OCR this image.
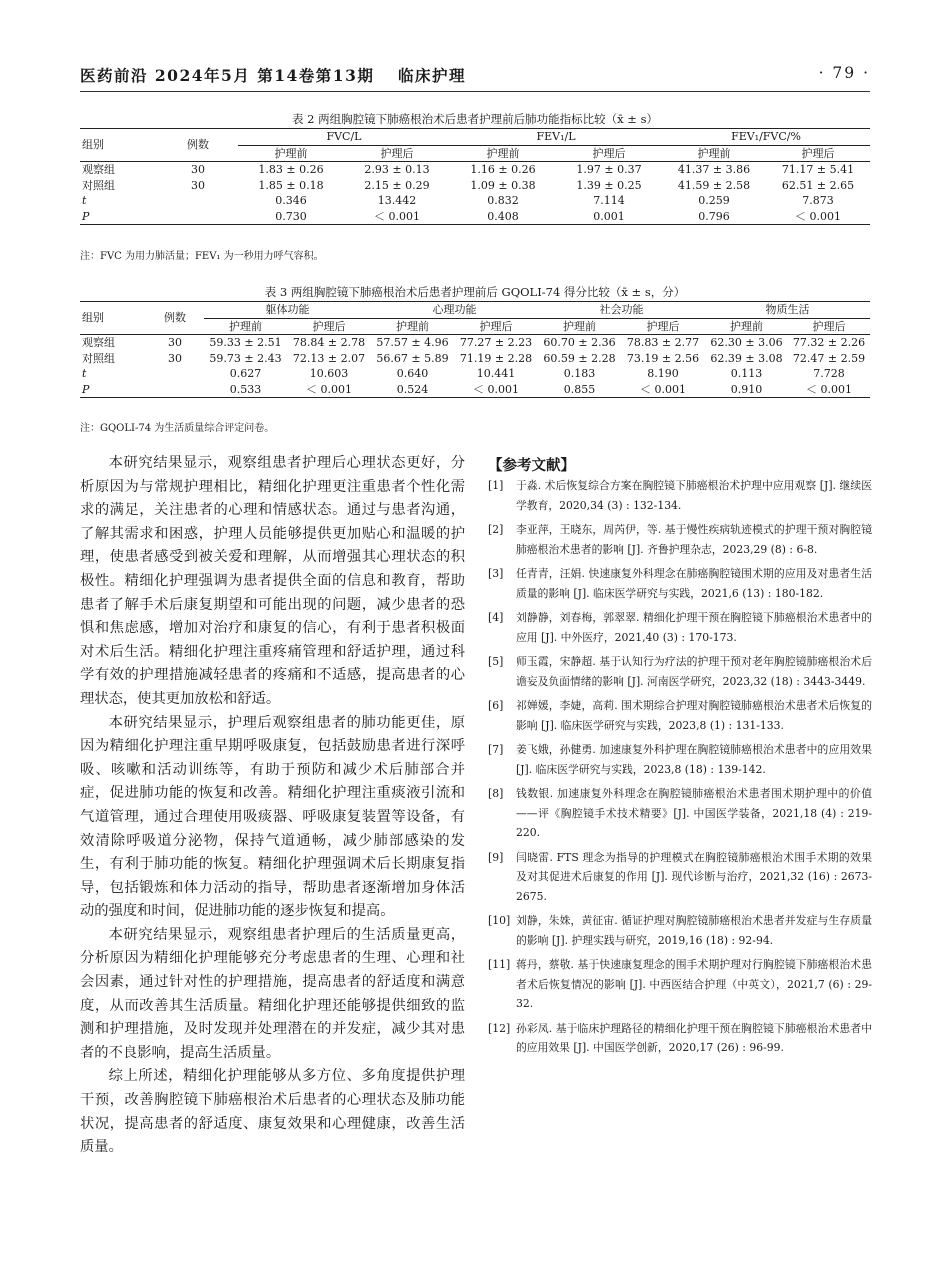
医药前沿 2024年5月 第14卷第13期 临床护理	· 79 ·
表 2 两组胸腔镜下肺癌根治术后患者护理前后肺功能指标比较（x̄ ± s）
组别	例数	FVC/L		FEV₁/L		FEV₁/FVC/%	
		护理前	护理后	护理前	护理后	护理前	护理后
观察组	30	1.83 ± 0.26	2.93 ± 0.13	1.16 ± 0.26	1.97 ± 0.37	41.37 ± 3.86	71.17 ± 5.41
对照组	30	1.85 ± 0.18	2.15 ± 0.29	1.09 ± 0.38	1.39 ± 0.25	41.59 ± 2.58	62.51 ± 2.65
t		0.346	13.442	0.832	7.114	0.259	7.873
P		0.730	＜ 0.001	0.408	0.001	0.796	＜ 0.001
注：FVC 为用力肺活量；FEV₁ 为一秒用力呼气容积。
表 3 两组胸腔镜下肺癌根治术后患者护理前后 GQOLI-74 得分比较（x̄ ± s，分）
组别	例数	躯体功能		心理功能		社会功能		物质生活	
		护理前	护理后	护理前	护理后	护理前	护理后	护理前	护理后
观察组	30	59.33 ± 2.51	78.84 ± 2.78	57.57 ± 4.96	77.27 ± 2.23	60.70 ± 2.36	78.83 ± 2.77	62.30 ± 3.06	77.32 ± 2.26
对照组	30	59.73 ± 2.43	72.13 ± 2.07	56.67 ± 5.89	71.19 ± 2.28	60.59 ± 2.28	73.19 ± 2.56	62.39 ± 3.08	72.47 ± 2.59
t		0.627	10.603	0.640	10.441	0.183	8.190	0.113	7.728
P		0.533	＜ 0.001	0.524	＜ 0.001	0.855	＜ 0.001	0.910	＜ 0.001
注：GQOLI-74 为生活质量综合评定问卷。

本研究结果显示，观察组患者护理后心理状态更好，分析原因为与常规护理相比，精细化护理更注重患者个性化需求的满足，关注患者的心理和情感状态。通过与患者沟通，了解其需求和困惑，护理人员能够提供更加贴心和温暖的护理，使患者感受到被关爱和理解，从而增强其心理状态的积极性。精细化护理强调为患者提供全面的信息和教育，帮助患者了解手术后康复期望和可能出现的问题，减少患者的恐惧和焦虑感，增加对治疗和康复的信心，有利于患者积极面对术后生活。精细化护理注重疼痛管理和舒适护理，通过科学有效的护理措施减轻患者的疼痛和不适感，提高患者的心理状态，使其更加放松和舒适。

本研究结果显示，护理后观察组患者的肺功能更佳，原因为精细化护理注重早期呼吸康复，包括鼓励患者进行深呼吸、咳嗽和活动训练等，有助于预防和减少术后肺部合并症，促进肺功能的恢复和改善。精细化护理注重痰液引流和气道管理，通过合理使用吸痰器、呼吸康复装置等设备，有效清除呼吸道分泌物，保持气道通畅，减少肺部感染的发生，有利于肺功能的恢复。精细化护理强调术后长期康复指导，包括锻炼和体力活动的指导，帮助患者逐渐增加身体活动的强度和时间，促进肺功能的逐步恢复和提高。

本研究结果显示，观察组患者护理后的生活质量更高，分析原因为精细化护理能够充分考虑患者的生理、心理和社会因素，通过针对性的护理措施，提高患者的舒适度和满意度，从而改善其生活质量。精细化护理还能够提供细致的监测和护理措施，及时发现并处理潜在的并发症，减少其对患者的不良影响，提高生活质量。

综上所述，精细化护理能够从多方位、多角度提供护理干预，改善胸腔镜下肺癌根治术后患者的心理状态及肺功能状况，提高患者的舒适度、康复效果和心理健康，改善生活质量。

【参考文献】
[1]	于淼. 术后恢复综合方案在胸腔镜下肺癌根治术护理中应用观察 [J]. 继续医学教育，2020,34 (3) : 132-134.
[2]	李亚萍，王晓东，周芮伊，等. 基于慢性疾病轨迹模式的护理干预对胸腔镜肺癌根治术患者的影响 [J]. 齐鲁护理杂志，2023,29 (8) : 6-8.
[3]	任青青，汪娟. 快速康复外科理念在肺癌胸腔镜围术期的应用及对患者生活质量的影响 [J]. 临床医学研究与实践，2021,6 (13) : 180-182.
[4]	刘静静，刘春梅，郭翠翠. 精细化护理干预在胸腔镜下肺癌根治术患者中的应用 [J]. 中外医疗，2021,40 (3) : 170-173.
[5]	师玉霞，宋静超. 基于认知行为疗法的护理干预对老年胸腔镜肺癌根治术后谵妄及负面情绪的影响 [J]. 河南医学研究，2023,32 (18) : 3443-3449.
[6]	祁婵媛，李婕，高莉. 围术期综合护理对胸腔镜肺癌根治术患者术后恢复的影响 [J]. 临床医学研究与实践，2023,8 (1) : 131-133.
[7]	姜飞娥，孙健勇. 加速康复外科护理在胸腔镜肺癌根治术患者中的应用效果 [J]. 临床医学研究与实践，2023,8 (18) : 139-142.
[8]	钱数银. 加速康复外科理念在胸腔镜肺癌根治术患者围术期护理中的价值——评《胸腔镜手术技术精要》[J]. 中国医学装备，2021,18 (4) : 219-220.
[9]	闫晓雷. FTS 理念为指导的护理模式在胸腔镜肺癌根治术围手术期的效果及对其促进术后康复的作用 [J]. 现代诊断与治疗，2021,32 (16) : 2673-2675.
[10] 刘静，朱姝，黄征宙. 循证护理对胸腔镜肺癌根治术患者并发症与生存质量的影响 [J]. 护理实践与研究，2019,16 (18) : 92-94.
[11] 蒋丹，蔡敬. 基于快速康复理念的围手术期护理对行胸腔镜下肺癌根治术患者术后恢复情况的影响 [J]. 中西医结合护理（中英文），2021,7 (6) : 29-32.
[12] 孙彩凤. 基于临床护理路径的精细化护理干预在胸腔镜下肺癌根治术患者中的应用效果 [J]. 中国医学创新，2020,17 (26) : 96-99.
